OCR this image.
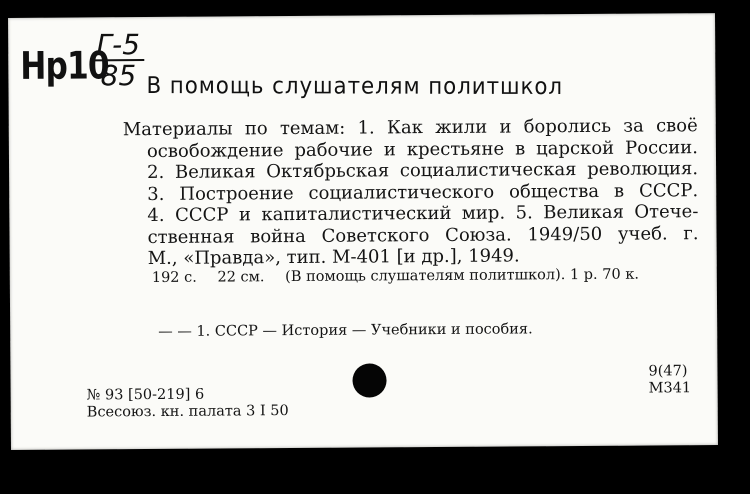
Нр10
Г-5
85 В помощь слушателям политшкол
Материалы по темам: 1. Как жили и боролись за своё
освобождение рабочие и крестьяне в царской России.
2. Великая Октябрьская социалистическая революция.
3. Построение социалистического общества в СССР.
4. СССР и капиталистический мир. 5. Великая Отече-
ственная война Советского Союза. 1949/50 учеб. г.
М., «Правда», тип. М-401 [и др.], 1949.
192 с. 22 см. (В помощь слушателям политшкол). 1 р. 70 к.
— — 1. СССР — История — Учебники и пособия.
№ 93 [50-219] 6
Всесоюз. кн. палата 3 I 50
9(47)
М341
